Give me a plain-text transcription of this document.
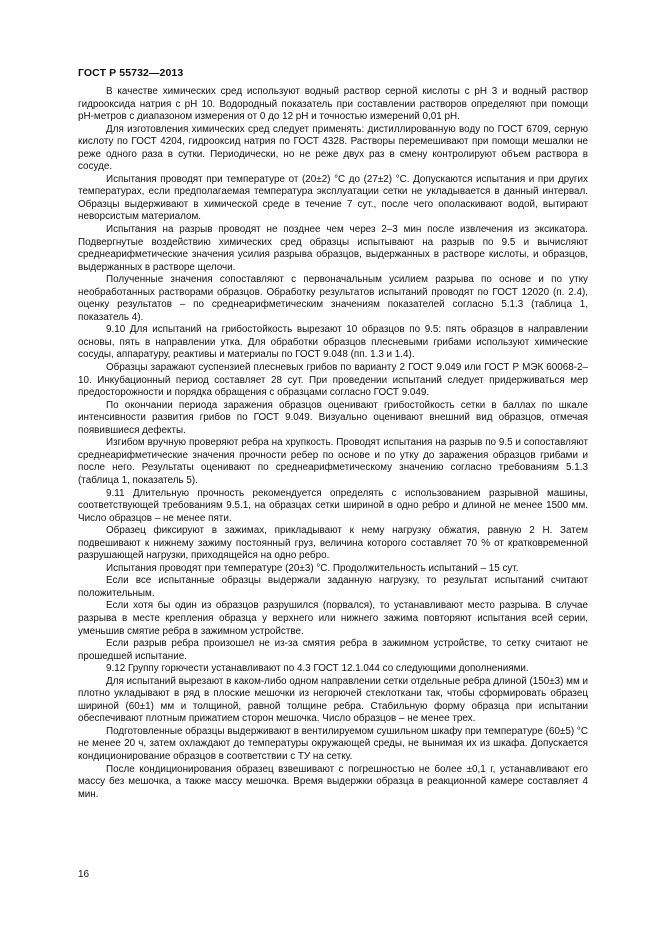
ГОСТ Р 55732—2013

В качестве химических сред используют водный раствор серной кислоты с pH 3 и водный раствор гидрооксида натрия с pH 10. Водородный показатель при составлении растворов определяют при помощи pH-метров с диапазоном измерения от 0 до 12 pH и точностью измерений 0,01 pH.

Для изготовления химических сред следует применять: дистиллированную воду по ГОСТ 6709, серную кислоту по ГОСТ 4204, гидрооксид натрия по ГОСТ 4328. Растворы перемешивают при помощи мешалки не реже одного раза в сутки. Периодически, но не реже двух раз в смену контролируют объем раствора в сосуде.

Испытания проводят при температуре от (20±2) °С до (27±2) °С. Допускаются испытания и при других температурах, если предполагаемая температура эксплуатации сетки не укладывается в данный интервал. Образцы выдерживают в химической среде в течение 7 сут., после чего ополаскивают водой, вытирают неворсистым материалом.

Испытания на разрыв проводят не позднее чем через 2–3 мин после извлечения из эксикатора. Подвергнутые воздействию химических сред образцы испытывают на разрыв по 9.5 и вычисляют среднеарифметические значения усилия разрыва образцов, выдержанных в растворе кислоты, и образцов, выдержанных в растворе щелочи.

Полученные значения сопоставляют с первоначальным усилием разрыва по основе и по утку необработанных растворами образцов. Обработку результатов испытаний проводят по ГОСТ 12020 (п. 2.4), оценку результатов – по среднеарифметическим значениям показателей согласно 5.1.3 (таблица 1, показатель 4).

9.10 Для испытаний на грибостойкость вырезают 10 образцов по 9.5: пять образцов в направлении основы, пять в направлении утка. Для обработки образцов плесневыми грибами используют химические сосуды, аппаратуру, реактивы и материалы по ГОСТ 9.048 (пп. 1.3 и 1.4).

Образцы заражают суспензией плесневых грибов по варианту 2 ГОСТ 9.049 или ГОСТ Р МЭК 60068-2–10. Инкубационный период составляет 28 сут. При проведении испытаний следует придерживаться мер предосторожности и порядка обращения с образцами согласно ГОСТ 9.049.

По окончании периода заражения образцов оценивают грибостойкость сетки в баллах по шкале интенсивности развития грибов по ГОСТ 9.049. Визуально оценивают внешний вид образцов, отмечая появившиеся дефекты.

Изгибом вручную проверяют ребра на хрупкость. Проводят испытания на разрыв по 9.5 и сопоставляют среднеарифметические значения прочности ребер по основе и по утку до заражения образцов грибами и после него. Результаты оценивают по среднеарифметическому значению согласно требованиям 5.1.3 (таблица 1, показатель 5).

9.11 Длительную прочность рекомендуется определять с использованием разрывной машины, соответствующей требованиям 9.5.1, на образцах сетки шириной в одно ребро и длиной не менее 1500 мм. Число образцов – не менее пяти.

Образец фиксируют в зажимах, прикладывают к нему нагрузку обжатия, равную 2 Н. Затем подвешивают к нижнему зажиму постоянный груз, величина которого составляет 70 % от кратковременной разрушающей нагрузки, приходящейся на одно ребро.

Испытания проводят при температуре (20±3) °С. Продолжительность испытаний – 15 сут.

Если все испытанные образцы выдержали заданную нагрузку, то результат испытаний считают положительным.

Если хотя бы один из образцов разрушился (порвался), то устанавливают место разрыва. В случае разрыва в месте крепления образца у верхнего или нижнего зажима повторяют испытания всей серии, уменьшив смятие ребра в зажимном устройстве.

Если разрыв ребра произошел не из-за смятия ребра в зажимном устройстве, то сетку считают не прошедшей испытание.

9.12 Группу горючести устанавливают по 4.3 ГОСТ 12.1.044 со следующими дополнениями.

Для испытаний вырезают в каком-либо одном направлении сетки отдельные ребра длиной (150±3) мм и плотно укладывают в ряд в плоские мешочки из негорючей стеклоткани так, чтобы сформировать образец шириной (60±1) мм и толщиной, равной толщине ребра. Стабильную форму образца при испытании обеспечивают плотным прижатием сторон мешочка. Число образцов – не менее трех.

Подготовленные образцы выдерживают в вентилируемом сушильном шкафу при температуре (60±5) °С не менее 20 ч, затем охлаждают до температуры окружающей среды, не вынимая их из шкафа. Допускается кондиционирование образцов в соответствии с ТУ на сетку.

После кондиционирования образец взвешивают с погрешностью не более ±0,1 г, устанавливают его массу без мешочка, а также массу мешочка. Время выдержки образца в реакционной камере составляет 4 мин.

16
